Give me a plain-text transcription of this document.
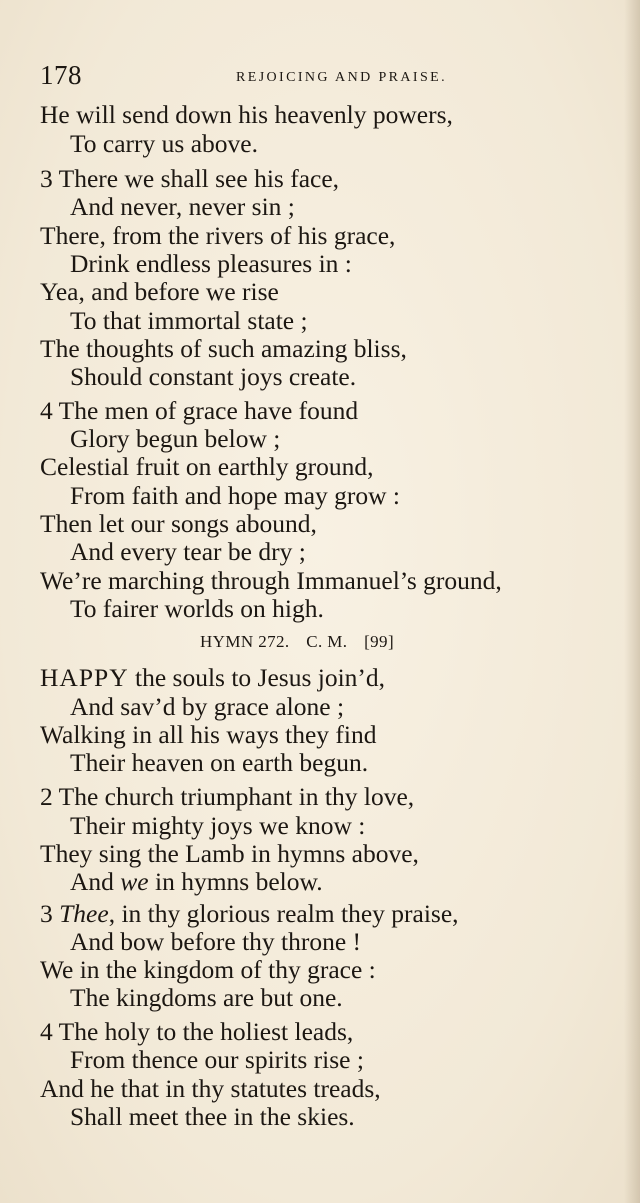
178	REJOICING AND PRAISE.
He will send down his heavenly powers,
To carry us above.
3 There we shall see his face,
And never, never sin ;
There, from the rivers of his grace,
Drink endless pleasures in :
Yea, and before we rise
To that immortal state ;
The thoughts of such amazing bliss,
Should constant joys create.
4 The men of grace have found
Glory begun below ;
Celestial fruit on earthly ground,
From faith and hope may grow :
Then let our songs abound,
And every tear be dry ;
We’re marching through Immanuel’s ground,
To fairer worlds on high.
HYMN 272. C. M. [99]
HAPPY the souls to Jesus join’d,
And sav’d by grace alone ;
Walking in all his ways they find
Their heaven on earth begun.
2 The church triumphant in thy love,
Their mighty joys we know :
They sing the Lamb in hymns above,
And we in hymns below.
3 Thee, in thy glorious realm they praise,
And bow before thy throne !
We in the kingdom of thy grace :
The kingdoms are but one.
4 The holy to the holiest leads,
From thence our spirits rise ;
And he that in thy statutes treads,
Shall meet thee in the skies.
